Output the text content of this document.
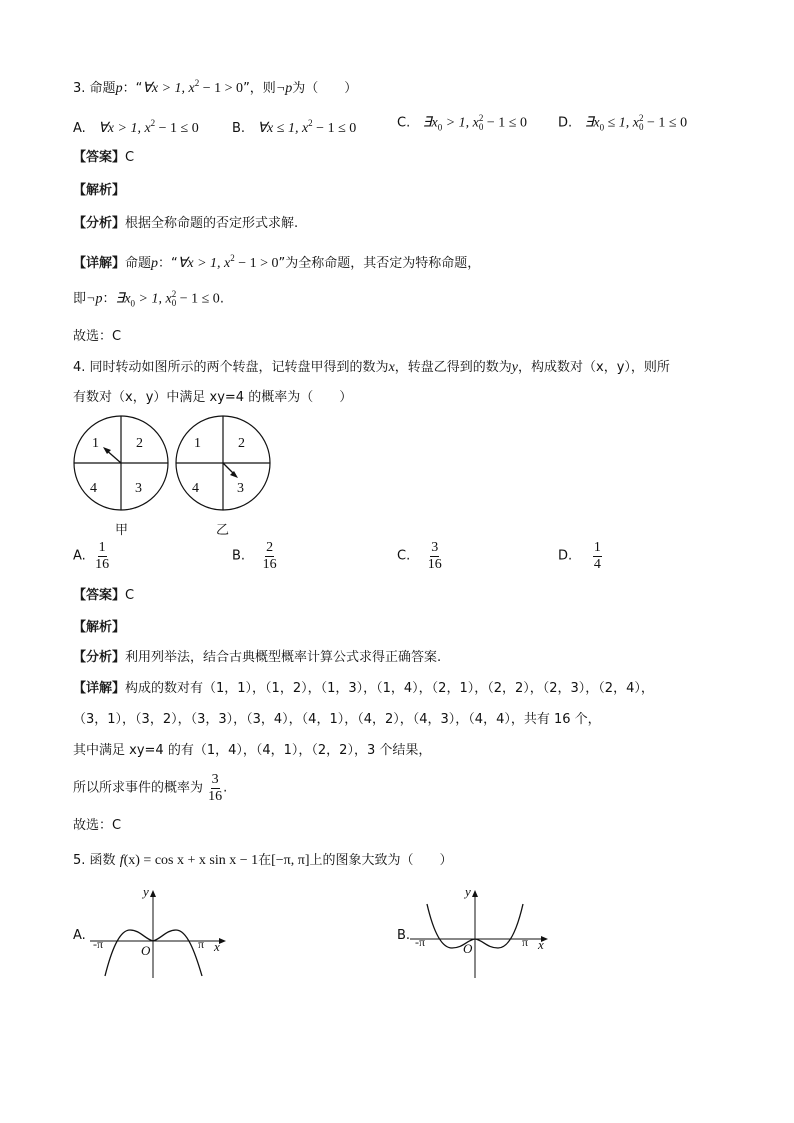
3. 命题p：“∀x > 1, $x^2 - 1 > 0$”，则¬p为（　　）
A. ∀x > 1, $x^2 - 1 \le 0$	B. ∀x ≤ 1, $x^2 - 1 \le 0$	C. $\exists x_0 > 1$, x 2
0 − 1 ≤ 0 D. $\exists x_0 \le 1$, x 2
0 − 1 ≤ 0
【答案】C
【解析】
【分析】根据全称命题的否定形式求解.
【详解】命题p：“∀x > 1, $x^2 - 1 > 0$”为全称命题，其否定为特称命题，
即¬p：$\exists x_0 > 1$, x 2
0 − 1 ≤ 0.
故选：C
4. 同时转动如图所示的两个转盘，记转盘甲得到的数为x，转盘乙得到的数为y，构成数对（x，y），则所
有数对（x，y）中满足 xy=4 的概率为（　　）
1	2
4	3
1	2
4	3
甲	乙
A. $\frac{1}{16}$	B. $\frac{2}{16}$	C. $\frac{3}{16}$	D. $\frac{1}{4}$
【答案】C
【解析】
【分析】利用列举法，结合古典概型概率计算公式求得正确答案.
【详解】构成的数对有（1，1），（1，2），（1，3），（1，4），（2，1），（2，2），（2，3），（2，4），
（3，1），（3，2），（3，3），（3，4），（4，1），（4，2），（4，3），（4，4），共有 16 个，
其中满足 xy=4 的有（1，4），（4，1），（2，2），3 个结果，
所以所求事件的概率为 $\frac{3}{16}$ .
故选：C
5. 函数 f(x) = cos x + x sin x − 1在[−π, π]上的图象大致为（　　）
A.
y
x
O
-π	π
B.
y
x
O
-π	π
